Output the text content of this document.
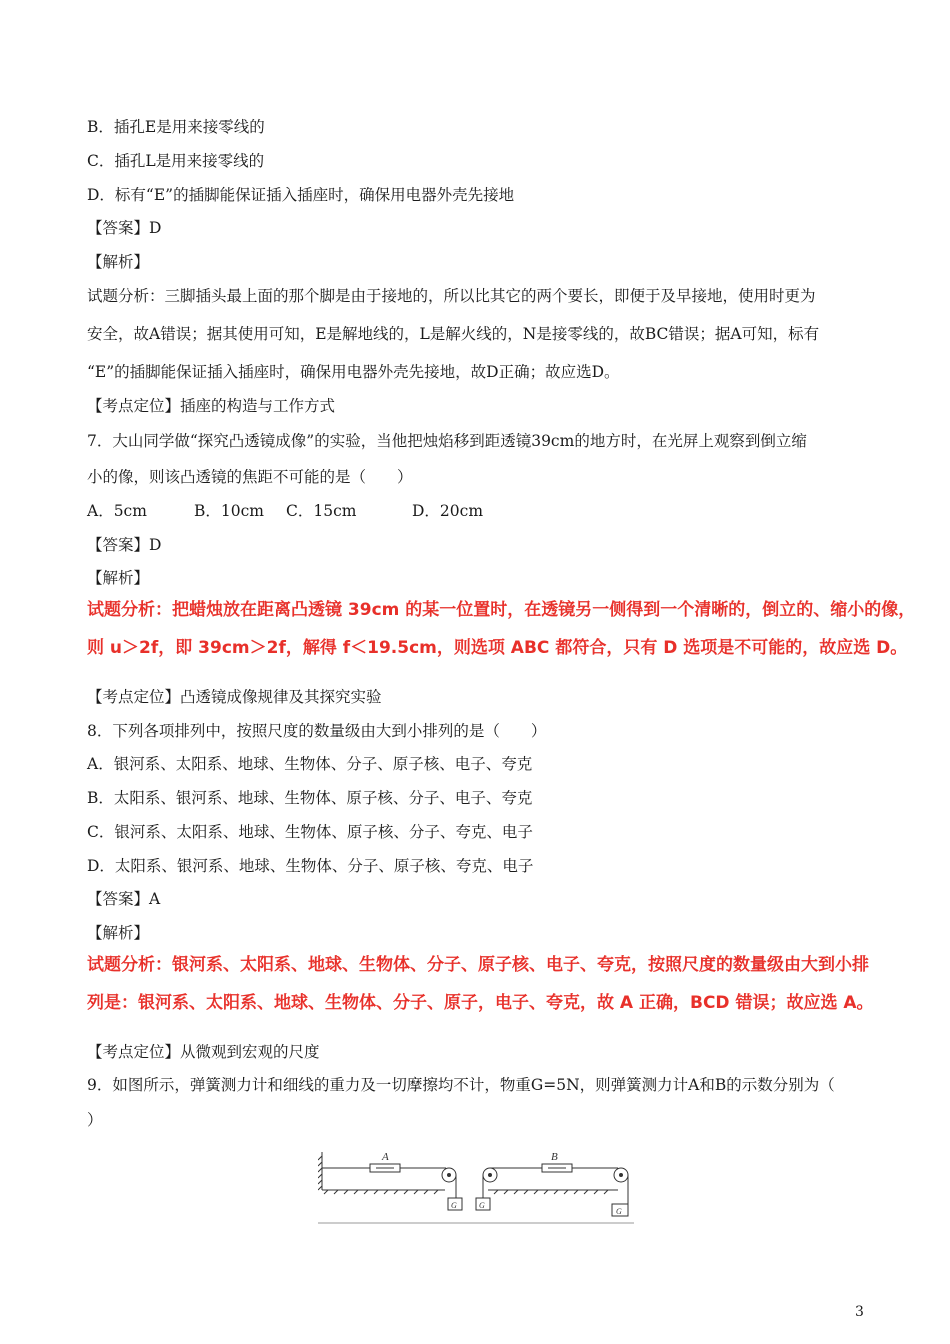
B．插孔E是用来接零线的
C．插孔L是用来接零线的
D．标有“E”的插脚能保证插入插座时，确保用电器外壳先接地
【答案】D
【解析】
试题分析：三脚插头最上面的那个脚是由于接地的，所以比其它的两个要长，即便于及早接地，使用时更为
安全，故A错误；据其使用可知，E是解地线的，L是解火线的，N是接零线的，故BC错误；据A可知，标有
“E”的插脚能保证插入插座时，确保用电器外壳先接地，故D正确；故应选D。
【考点定位】插座的构造与工作方式
7．大山同学做“探究凸透镜成像”的实验，当他把烛焰移到距透镜39cm的地方时，在光屏上观察到倒立缩
小的像，则该凸透镜的焦距不可能的是（　　）
A．5cm	B．10cm C．15cm	D．20cm
【答案】D
【解析】
试题分析：把蜡烛放在距离凸透镜 39cm 的某一位置时，在透镜另一侧得到一个清晰的，倒立的、缩小的像，
则 u＞2f，即 39cm＞2f，解得 f＜19.5cm，则选项 ABC 都符合，只有 D 选项是不可能的，故应选 D。
【考点定位】凸透镜成像规律及其探究实验
8．下列各项排列中，按照尺度的数量级由大到小排列的是（　　）
A．银河系、太阳系、地球、生物体、分子、原子核、电子、夸克
B．太阳系、银河系、地球、生物体、原子核、分子、电子、夸克
C．银河系、太阳系、地球、生物体、原子核、分子、夸克、电子
D．太阳系、银河系、地球、生物体、分子、原子核、夸克、电子
【答案】A
【解析】
试题分析：银河系、太阳系、地球、生物体、分子、原子核、电子、夸克，按照尺度的数量级由大到小排
列是：银河系、太阳系、地球、生物体、分子、原子，电子、夸克，故 A 正确，BCD 错误；故应选 A。
【考点定位】从微观到宏观的尺度
9．如图所示，弹簧测力计和细线的重力及一切摩擦均不计，物重G=5N，则弹簧测力计A和B的示数分别为（
）
A	B
G	G
G
3
